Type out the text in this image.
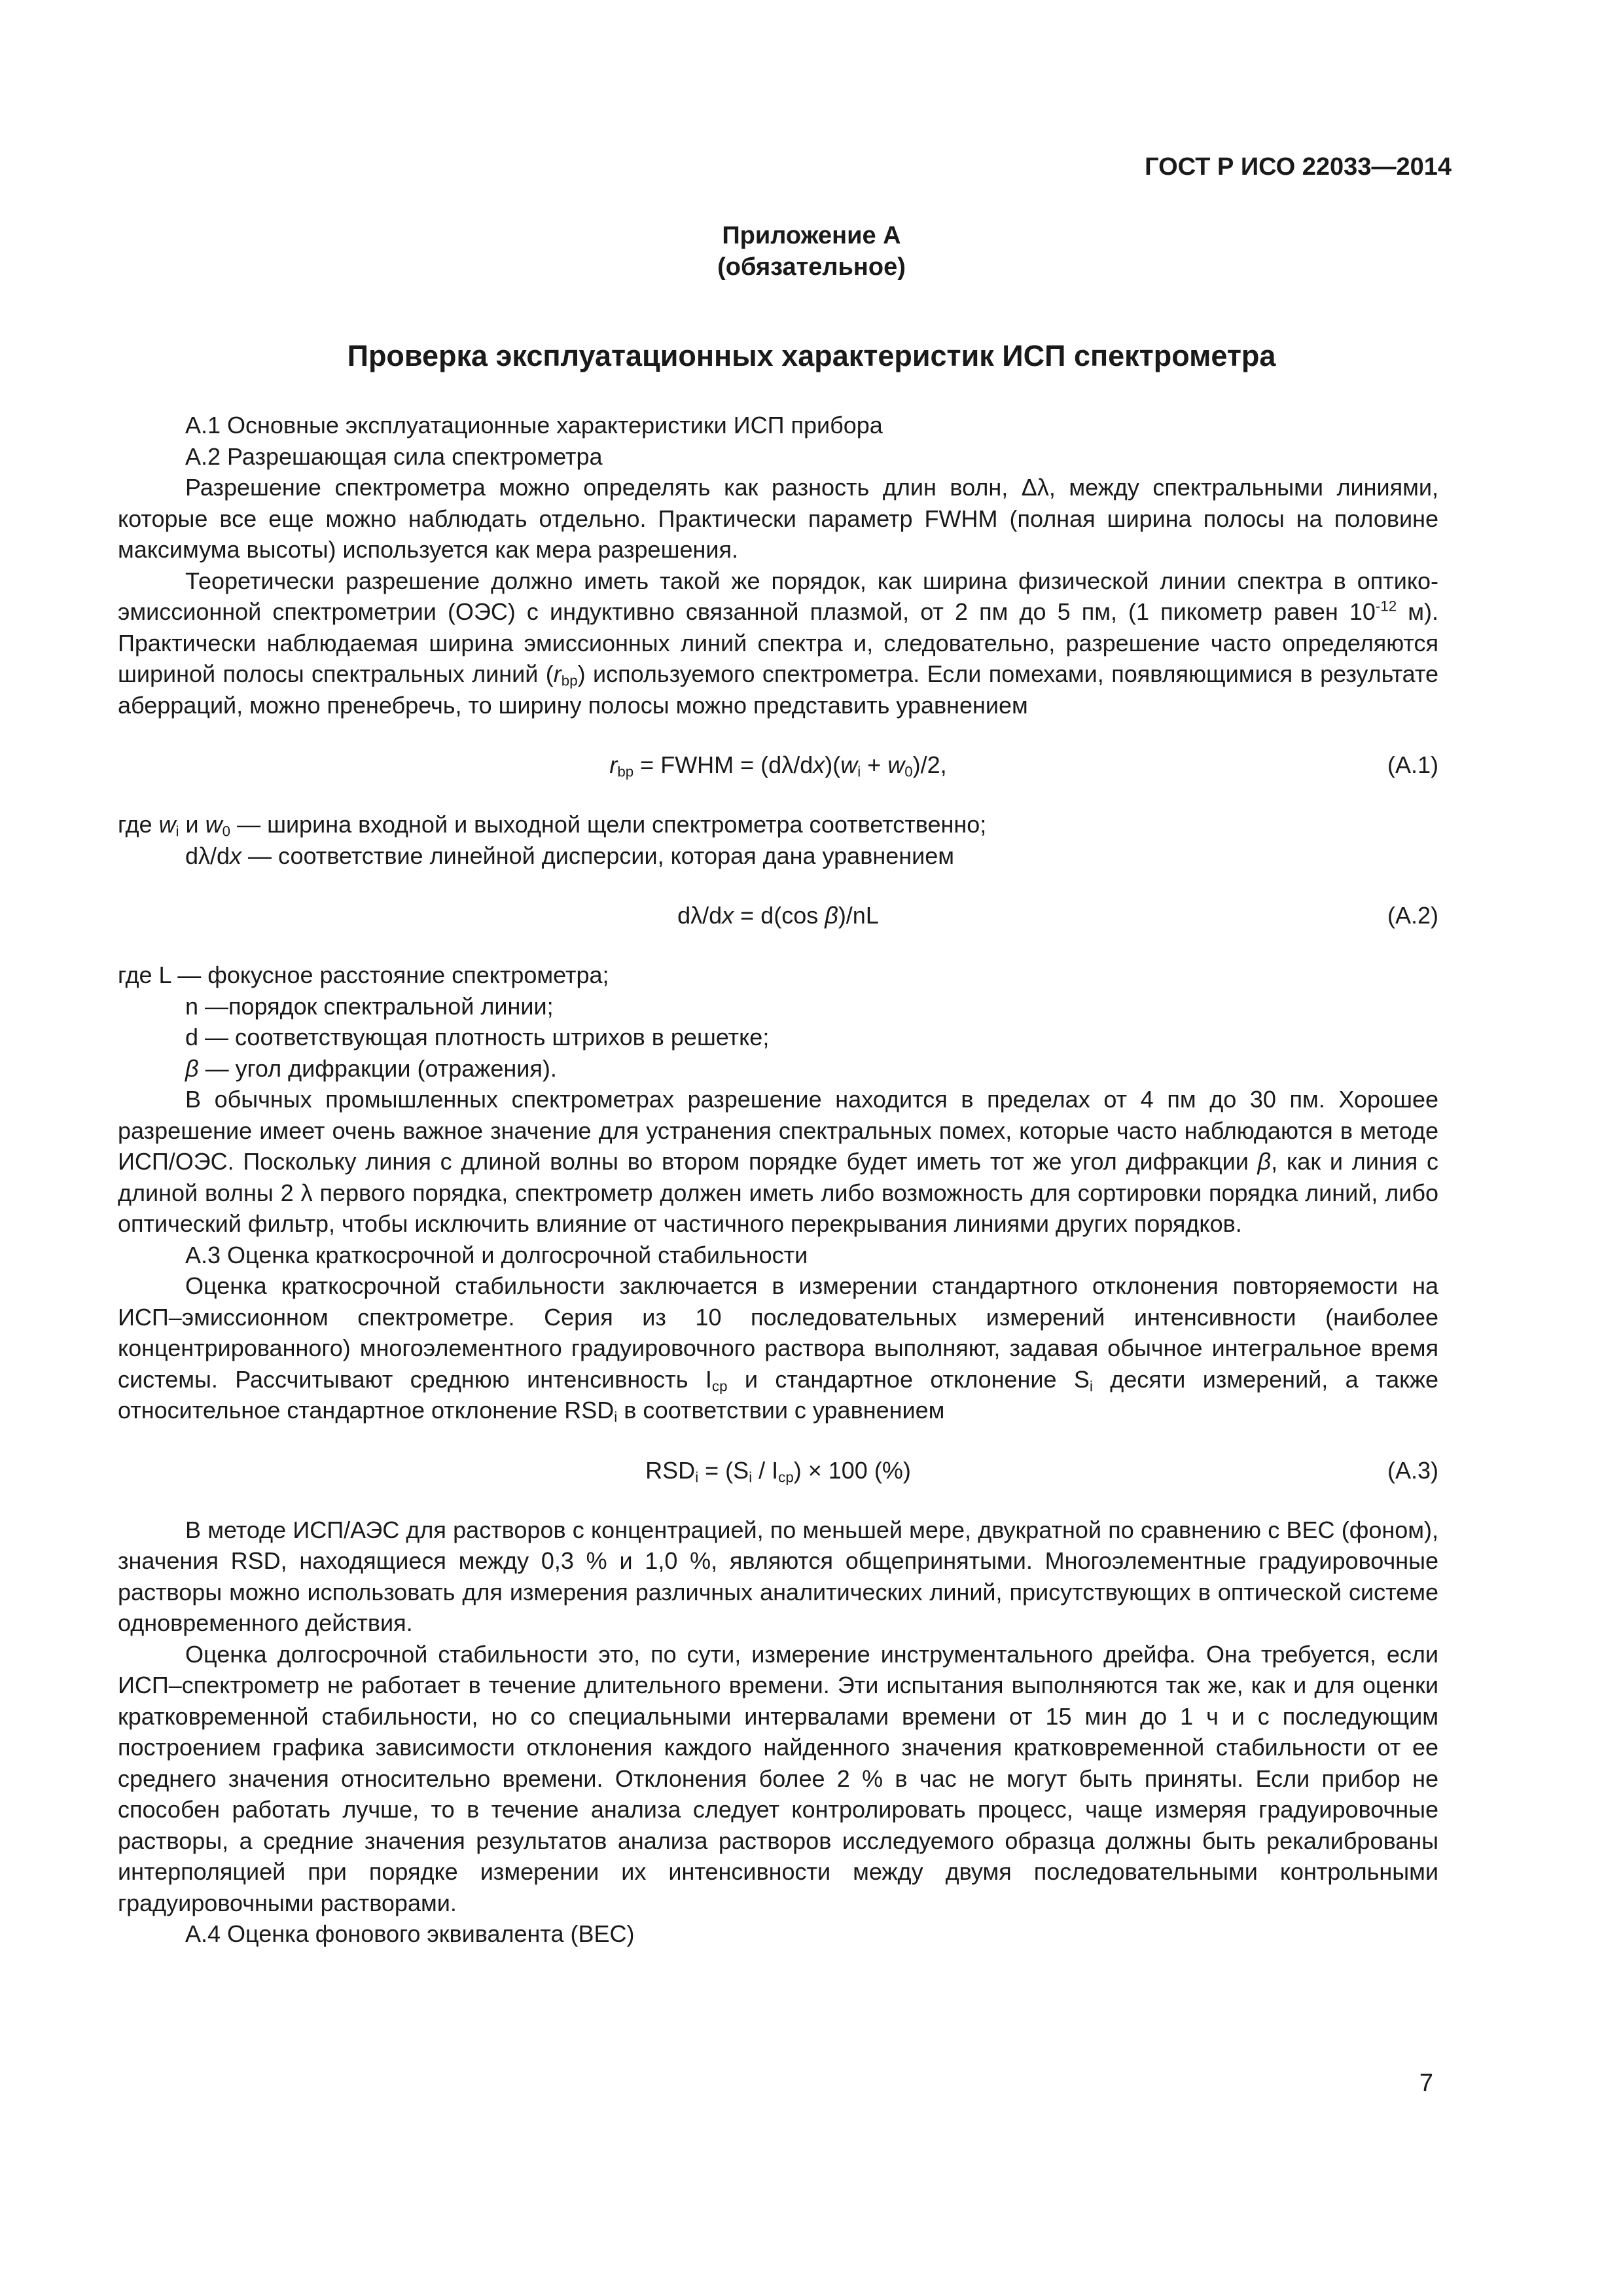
ГОСТ Р ИСО 22033—2014
Приложение А
(обязательное)
Проверка эксплуатационных характеристик ИСП спектрометра

А.1 Основные эксплуатационные характеристики ИСП прибора

А.2 Разрешающая сила спектрометра

Разрешение спектрометра можно определять как разность длин волн, Δλ, между спектральными линиями, которые все еще можно наблюдать отдельно. Практически параметр FWHM (полная ширина полосы на половине максимума высоты) используется как мера разрешения.

Теоретически разрешение должно иметь такой же порядок, как ширина физической линии спектра в оптико-эмиссионной спектрометрии (ОЭС) с индуктивно связанной плазмой, от 2 пм до 5 пм, (1 пикометр равен $10^{-12}$ м). Практически наблюдаемая ширина эмиссионных линий спектра и, следовательно, разрешение часто определяются шириной полосы спектральных линий $(r_{bp})$ используемого спектрометра. Если помехами, появляющимися в результате аберраций, можно пренебречь, то ширину полосы можно представить уравнением

$r_{bp}$ = FWHM = $(d\lambda/dx)(w_i + w_0)/2$,	(А.1)

где $w_i$ и $w_0$ — ширина входной и выходной щели спектрометра соответственно;

dλ/dx — соответствие линейной дисперсии, которая дана уравнением

dλ/dx = d(cos β)/nL	(А.2)

где L — фокусное расстояние спектрометра;

n —порядок спектральной линии;

d — соответствующая плотность штрихов в решетке;

β — угол дифракции (отражения).

В обычных промышленных спектрометрах разрешение находится в пределах от 4 пм до 30 пм. Хорошее разрешение имеет очень важное значение для устранения спектральных помех, которые часто наблюдаются в методе ИСП/ОЭС. Поскольку линия с длиной волны во втором порядке будет иметь тот же угол дифракции β, как и линия с длиной волны 2 λ первого порядка, спектрометр должен иметь либо возможность для сортировки порядка линий, либо оптический фильтр, чтобы исключить влияние от частичного перекрывания линиями других порядков.

А.3 Оценка краткосрочной и долгосрочной стабильности

Оценка краткосрочной стабильности заключается в измерении стандартного отклонения повторяемости на ИСП–эмиссионном спектрометре. Серия из 10 последовательных измерений интенсивности (наиболее концентрированного) многоэлементного градуировочного раствора выполняют, задавая обычное интегральное время системы. Рассчитывают среднюю интенсивность $I_{ср}$ и стандартное отклонение $S_i$ десяти измерений, а также относительное стандартное отклонение $RSD_i$ в соответствии с уравнением

$RSD_i = (S_i / I_{ср}) \times 100$ (%)	(А.3)

В методе ИСП/АЭС для растворов с концентрацией, по меньшей мере, двукратной по сравнению с ВЕС (фоном), значения RSD, находящиеся между 0,3 % и 1,0 %, являются общепринятыми. Многоэлементные градуировочные растворы можно использовать для измерения различных аналитических линий, присутствующих в оптической системе одновременного действия.

Оценка долгосрочной стабильности это, по сути, измерение инструментального дрейфа. Она требуется, если ИСП–спектрометр не работает в течение длительного времени. Эти испытания выполняются так же, как и для оценки кратковременной стабильности, но со специальными интервалами времени от 15 мин до 1 ч и с последующим построением графика зависимости отклонения каждого найденного значения кратковременной стабильности от ее среднего значения относительно времени. Отклонения более 2 % в час не могут быть приняты. Если прибор не способен работать лучше, то в течение анализа следует контролировать процесс, чаще измеряя градуировочные растворы, а средние значения результатов анализа растворов исследуемого образца должны быть рекалиброваны интерполяцией при порядке измерении их интенсивности между двумя последовательными контрольными градуировочными растворами.

А.4 Оценка фонового эквивалента (ВЕС)

7
